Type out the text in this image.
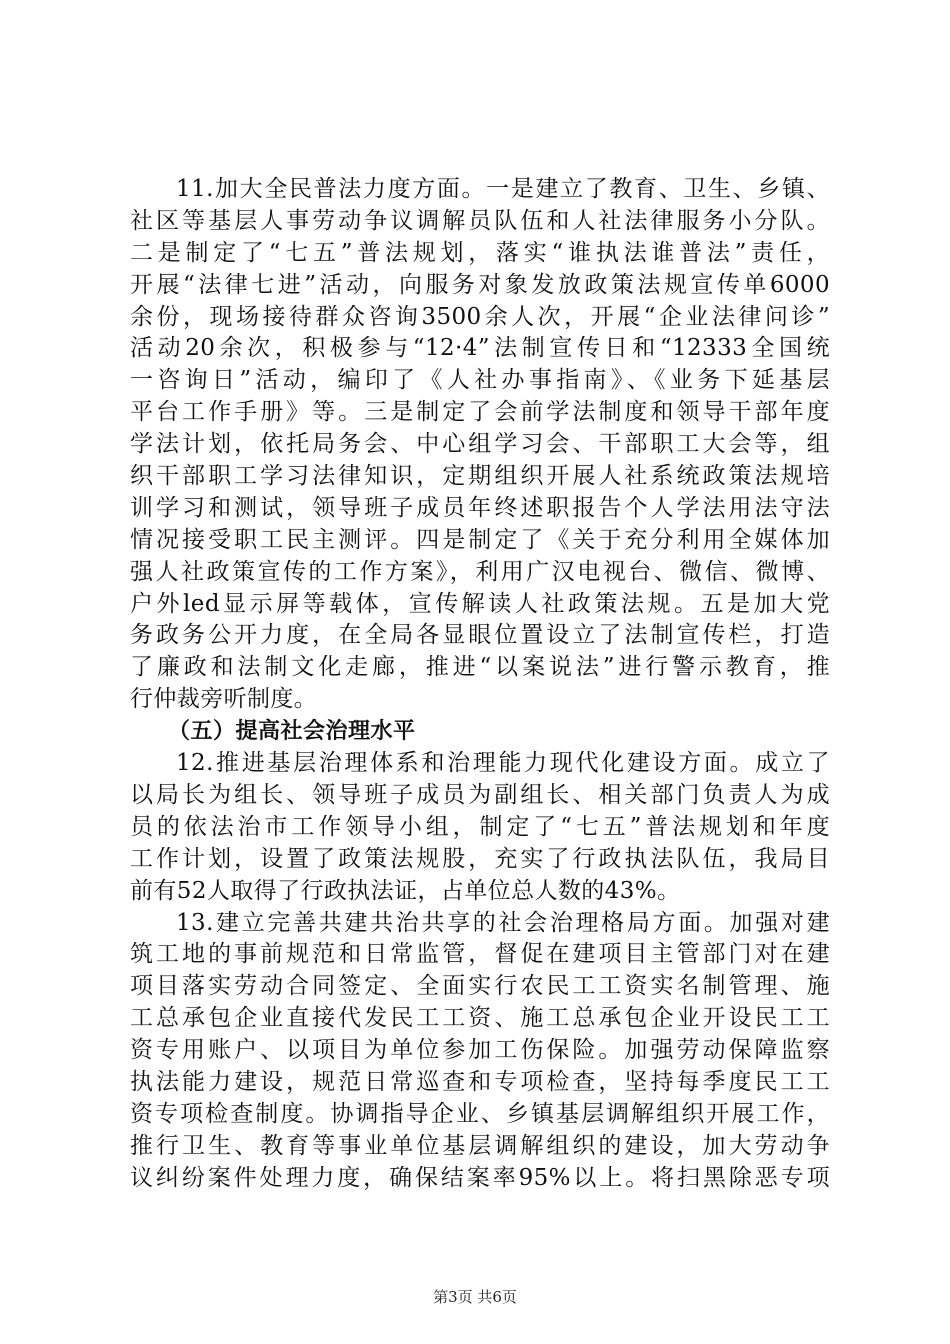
11.加大全民普法力度方面。一是建立了教育、卫生、乡镇、
社区等基层人事劳动争议调解员队伍和人社法律服务小分队。
二是制定了“七五”普法规划，落实“谁执法谁普法”责任，
开展“法律七进”活动，向服务对象发放政策法规宣传单6000
余份，现场接待群众咨询3500余人次，开展“企业法律问诊”
活动20余次，积极参与“12·4”法制宣传日和“12333全国统
一咨询日”活动，编印了《人社办事指南》、《业务下延基层
平台工作手册》等。三是制定了会前学法制度和领导干部年度
学法计划，依托局务会、中心组学习会、干部职工大会等，组
织干部职工学习法律知识，定期组织开展人社系统政策法规培
训学习和测试，领导班子成员年终述职报告个人学法用法守法
情况接受职工民主测评。四是制定了《关于充分利用全媒体加
强人社政策宣传的工作方案》，利用广汉电视台、微信、微博、
户外led显示屏等载体，宣传解读人社政策法规。五是加大党
务政务公开力度，在全局各显眼位置设立了法制宣传栏，打造
了廉政和法制文化走廊，推进“以案说法”进行警示教育，推
行仲裁旁听制度。
（五）提高社会治理水平
12.推进基层治理体系和治理能力现代化建设方面。成立了
以局长为组长、领导班子成员为副组长、相关部门负责人为成
员的依法治市工作领导小组，制定了“七五”普法规划和年度
工作计划，设置了政策法规股，充实了行政执法队伍，我局目
前有52人取得了行政执法证，占单位总人数的43%。
13.建立完善共建共治共享的社会治理格局方面。加强对建
筑工地的事前规范和日常监管，督促在建项目主管部门对在建
项目落实劳动合同签定、全面实行农民工工资实名制管理、施
工总承包企业直接代发民工工资、施工总承包企业开设民工工
资专用账户、以项目为单位参加工伤保险。加强劳动保障监察
执法能力建设，规范日常巡查和专项检查，坚持每季度民工工
资专项检查制度。协调指导企业、乡镇基层调解组织开展工作，
推行卫生、教育等事业单位基层调解组织的建设，加大劳动争
议纠纷案件处理力度，确保结案率95%以上。将扫黑除恶专项
第3页 共6页
